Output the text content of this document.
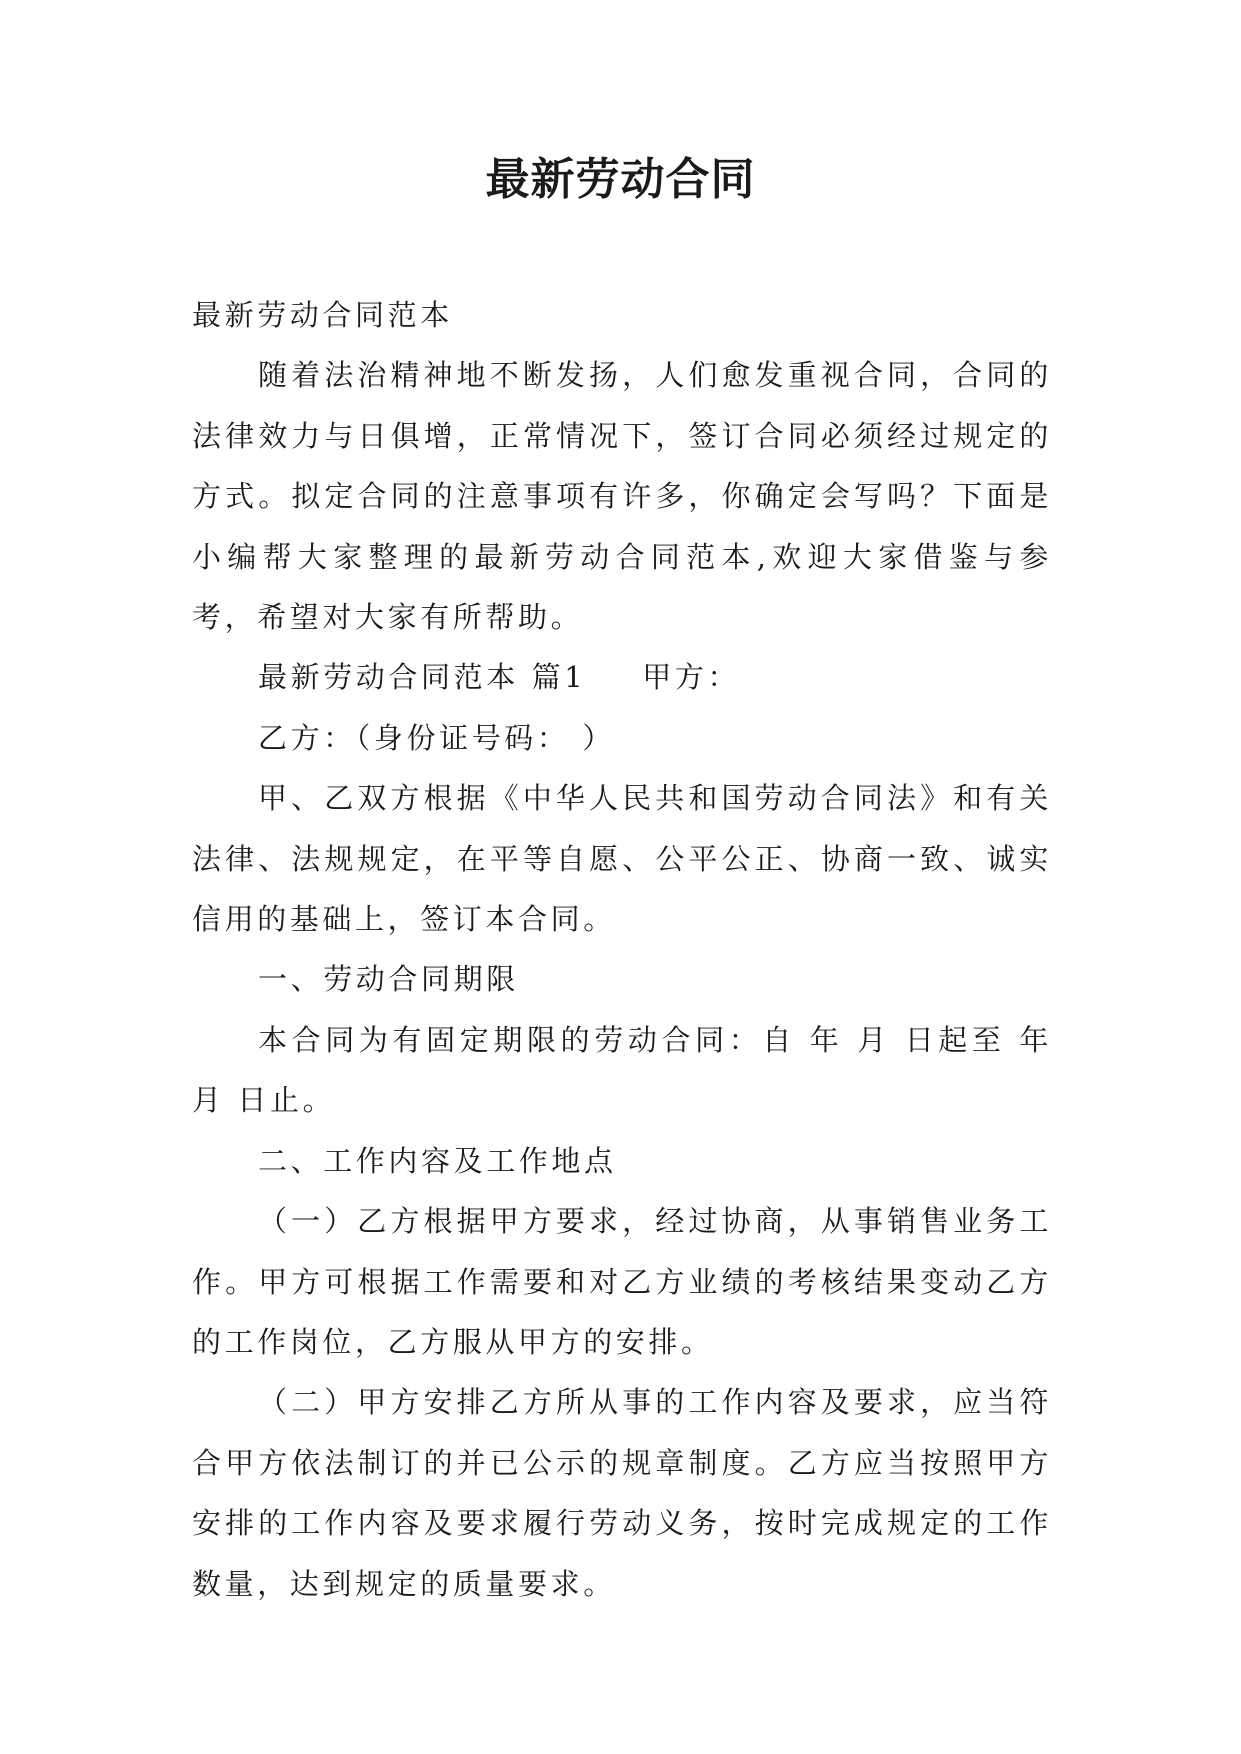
最新劳动合同

最新劳动合同范本

随着法治精神地不断发扬，人们愈发重视合同，合同的法律效力与日俱增，正常情况下，签订合同必须经过规定的方式。拟定合同的注意事项有许多，你确定会写吗？下面是小编帮大家整理的最新劳动合同范本,欢迎大家借鉴与参考，希望对大家有所帮助。

最新劳动合同范本 篇1 甲方：

乙方：（身份证号码： ）

甲、乙双方根据《中华人民共和国劳动合同法》和有关法律、法规规定，在平等自愿、公平公正、协商一致、诚实信用的基础上，签订本合同。

一、劳动合同期限

本合同为有固定期限的劳动合同：自 年 月 日起至 年 月 日止。

二、工作内容及工作地点

（一）乙方根据甲方要求，经过协商，从事销售业务工作。甲方可根据工作需要和对乙方业绩的考核结果变动乙方的工作岗位，乙方服从甲方的安排。

（二）甲方安排乙方所从事的工作内容及要求，应当符合甲方依法制订的并已公示的规章制度。乙方应当按照甲方安排的工作内容及要求履行劳动义务，按时完成规定的工作数量，达到规定的质量要求。
